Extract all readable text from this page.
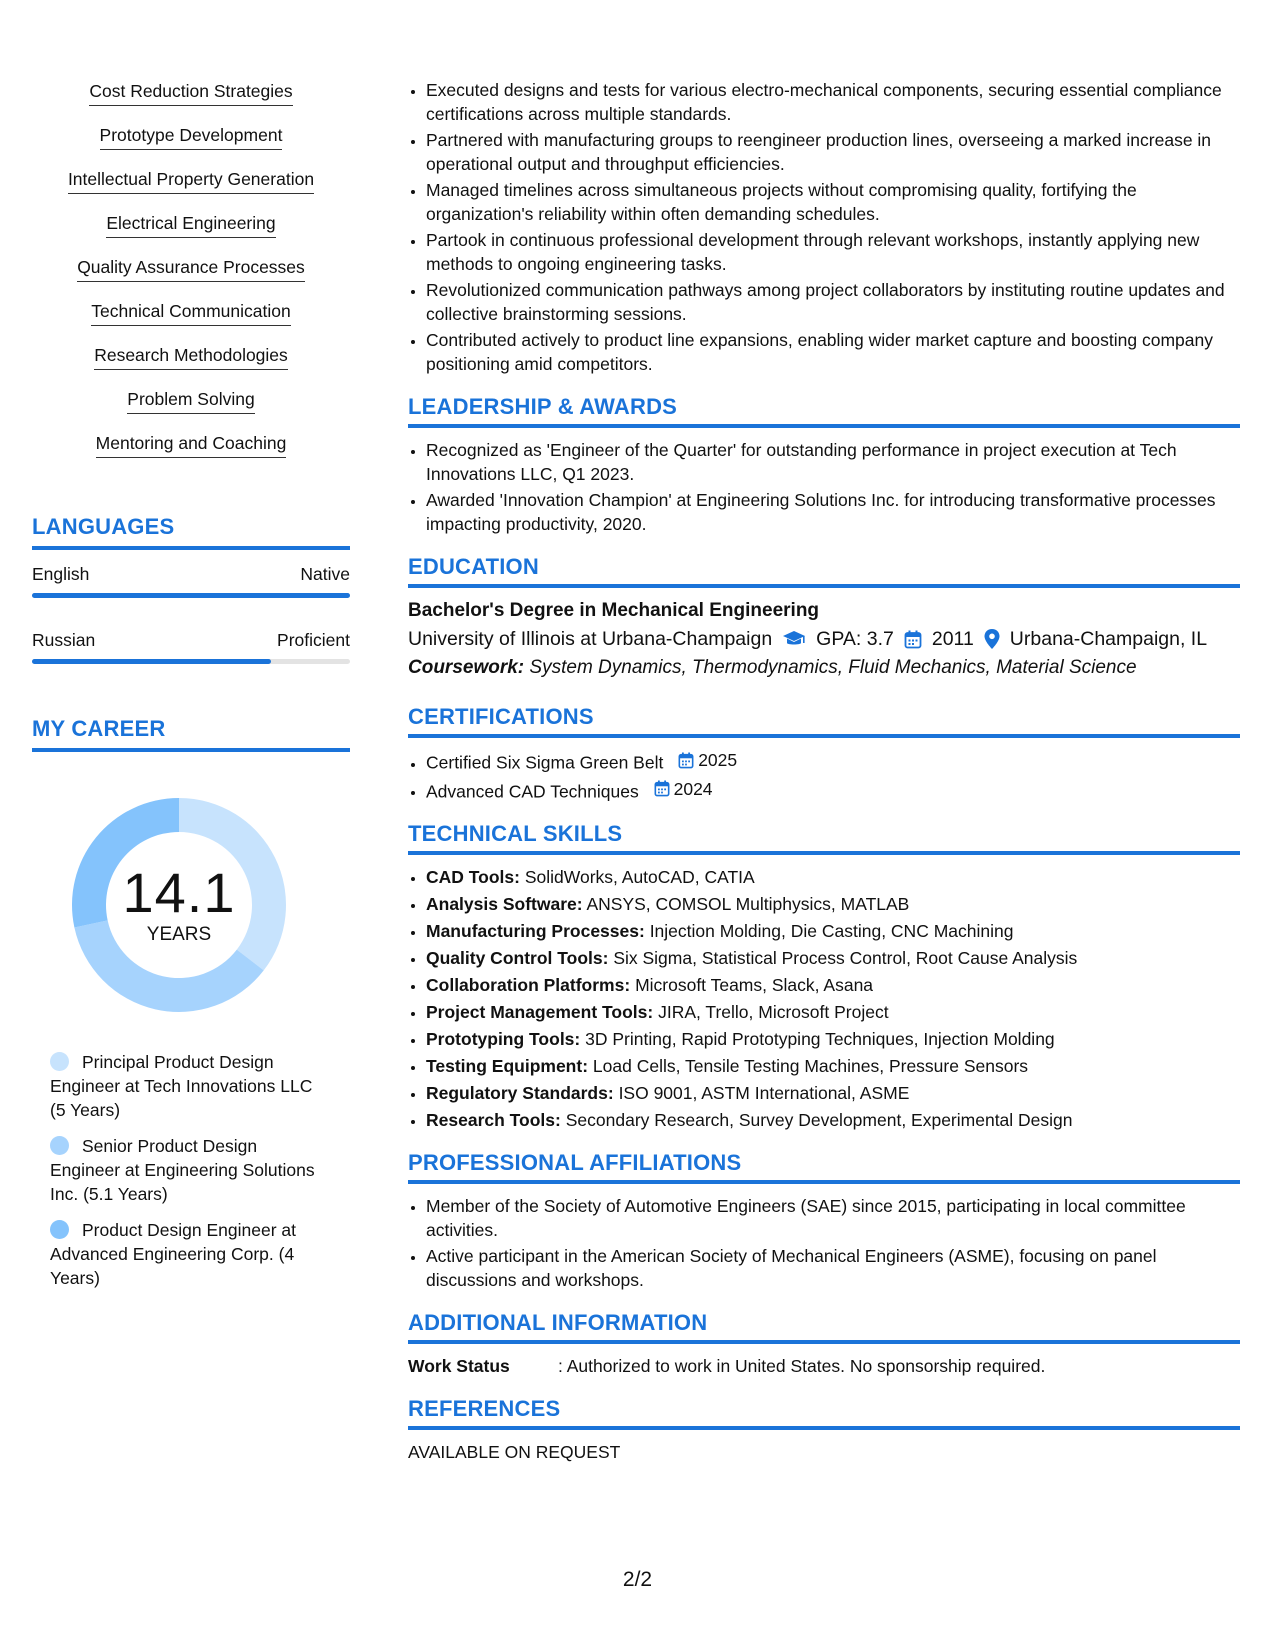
Cost Reduction Strategies
Prototype Development
Intellectual Property Generation
Electrical Engineering
Quality Assurance Processes
Technical Communication
Research Methodologies
Problem Solving
Mentoring and Coaching
LANGUAGES
English	Native
Russian	Proficient
MY CAREER
14.1
YEARS
Principal Product Design Engineer at Tech Innovations LLC (5 Years)
Senior Product Design Engineer at Engineering Solutions Inc. (5.1 Years)
Product Design Engineer at Advanced Engineering Corp. (4 Years)
• Executed designs and tests for various electro-mechanical components, securing essential compliance certifications across multiple standards.
• Partnered with manufacturing groups to reengineer production lines, overseeing a marked increase in operational output and throughput efficiencies.
• Managed timelines across simultaneous projects without compromising quality, fortifying the organization's reliability within often demanding schedules.
• Partook in continuous professional development through relevant workshops, instantly applying new methods to ongoing engineering tasks.
• Revolutionized communication pathways among project collaborators by instituting routine updates and collective brainstorming sessions.
• Contributed actively to product line expansions, enabling wider market capture and boosting company positioning amid competitors.
LEADERSHIP & AWARDS
• Recognized as 'Engineer of the Quarter' for outstanding performance in project execution at Tech Innovations LLC, Q1 2023.
• Awarded 'Innovation Champion' at Engineering Solutions Inc. for introducing transformative processes impacting productivity, 2020.
EDUCATION
Bachelor's Degree in Mechanical Engineering
University of Illinois at Urbana-Champaign GPA: 3.7 2011 Urbana-Champaign, IL
Coursework: System Dynamics, Thermodynamics, Fluid Mechanics, Material Science
CERTIFICATIONS
• Certified Six Sigma Green Belt 2025
• Advanced CAD Techniques 2024
TECHNICAL SKILLS
• CAD Tools: SolidWorks, AutoCAD, CATIA
• Analysis Software: ANSYS, COMSOL Multiphysics, MATLAB
• Manufacturing Processes: Injection Molding, Die Casting, CNC Machining
• Quality Control Tools: Six Sigma, Statistical Process Control, Root Cause Analysis
• Collaboration Platforms: Microsoft Teams, Slack, Asana
• Project Management Tools: JIRA, Trello, Microsoft Project
• Prototyping Tools: 3D Printing, Rapid Prototyping Techniques, Injection Molding
• Testing Equipment: Load Cells, Tensile Testing Machines, Pressure Sensors
• Regulatory Standards: ISO 9001, ASTM International, ASME
• Research Tools: Secondary Research, Survey Development, Experimental Design
PROFESSIONAL AFFILIATIONS
• Member of the Society of Automotive Engineers (SAE) since 2015, participating in local committee activities.
• Active participant in the American Society of Mechanical Engineers (ASME), focusing on panel discussions and workshops.
ADDITIONAL INFORMATION
Work Status	: Authorized to work in United States. No sponsorship required.
REFERENCES
AVAILABLE ON REQUEST
2/2
